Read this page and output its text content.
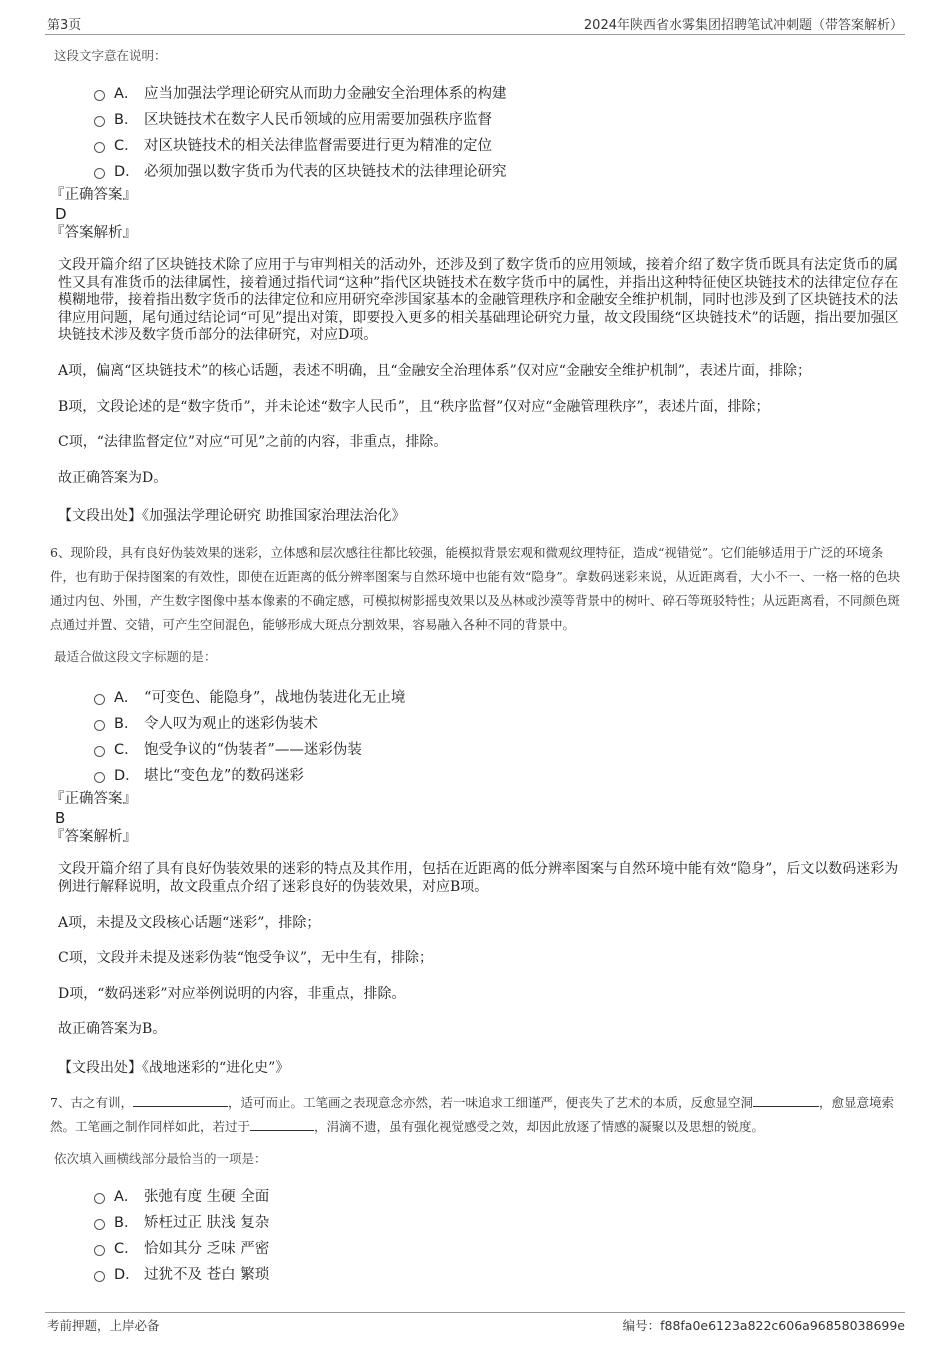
第3页	2024年陕西省水雾集团招聘笔试冲刺题（带答案解析）

这段文字意在说明：

A． 应当加强法学理论研究从而助力金融安全治理体系的构建
B． 区块链技术在数字人民币领域的应用需要加强秩序监督
C． 对区块链技术的相关法律监督需要进行更为精准的定位
D． 必须加强以数字货币为代表的区块链技术的法律理论研究

『正确答案』

D

『答案解析』

文段开篇介绍了区块链技术除了应用于与审判相关的活动外，还涉及到了数字货币的应用领域，接着介绍了数字货币既具有法定货币的属性又具有准货币的法律属性，接着通过指代词“这种”指代区块链技术在数字货币中的属性，并指出这种特征使区块链技术的法律定位存在模糊地带，接着指出数字货币的法律定位和应用研究牵涉国家基本的金融管理秩序和金融安全维护机制，同时也涉及到了区块链技术的法律应用问题，尾句通过结论词“可见”提出对策，即要投入更多的相关基础理论研究力量，故文段围绕“区块链技术”的话题，指出要加强区块链技术涉及数字货币部分的法律研究，对应D项。

A项，偏离“区块链技术”的核心话题，表述不明确，且“金融安全治理体系”仅对应“金融安全维护机制”，表述片面，排除；

B项，文段论述的是“数字货币”，并未论述“数字人民币”，且“秩序监督”仅对应“金融管理秩序”，表述片面，排除；

C项，“法律监督定位”对应“可见”之前的内容，非重点，排除。

故正确答案为D。

【文段出处】《加强法学理论研究 助推国家治理法治化》

6、现阶段，具有良好伪装效果的迷彩，立体感和层次感往往都比较强，能模拟背景宏观和微观纹理特征，造成“视错觉”。它们能够适用于广泛的环境条件，也有助于保持图案的有效性，即使在近距离的低分辨率图案与自然环境中也能有效“隐身”。拿数码迷彩来说，从近距离看，大小不一、一格一格的色块通过内包、外围，产生数字图像中基本像素的不确定感，可模拟树影摇曳效果以及丛林或沙漠等背景中的树叶、碎石等斑驳特性；从远距离看，不同颜色斑点通过并置、交错，可产生空间混色，能够形成大斑点分割效果，容易融入各种不同的背景中。

最适合做这段文字标题的是：

A． “可变色、能隐身”，战地伪装进化无止境
B． 令人叹为观止的迷彩伪装术
C． 饱受争议的“伪装者”——迷彩伪装
D． 堪比“变色龙”的数码迷彩

『正确答案』

B

『答案解析』

文段开篇介绍了具有良好伪装效果的迷彩的特点及其作用，包括在近距离的低分辨率图案与自然环境中能有效“隐身”，后文以数码迷彩为例进行解释说明，故文段重点介绍了迷彩良好的伪装效果，对应B项。

A项，未提及文段核心话题“迷彩”，排除；

C项，文段并未提及迷彩伪装“饱受争议”，无中生有，排除；

D项，“数码迷彩”对应举例说明的内容，非重点，排除。

故正确答案为B。

【文段出处】《战地迷彩的“进化史”》

7、古之有训，	，适可而止。工笔画之表现意念亦然，若一味追求工细谨严，便丧失了艺术的本质，反愈显空洞	，愈显意境索然。工笔画之制作同样如此，若过于	，涓滴不遗，虽有强化视觉感受之效，却因此放逐了情感的凝聚以及思想的锐度。

依次填入画横线部分最恰当的一项是：

A． 张弛有度 生硬 全面
B． 矫枉过正 肤浅 复杂
C． 恰如其分 乏味 严密
D． 过犹不及 苍白 繁琐
考前押题，上岸必备	编号：f88fa0e6123a822c606a96858038699e
